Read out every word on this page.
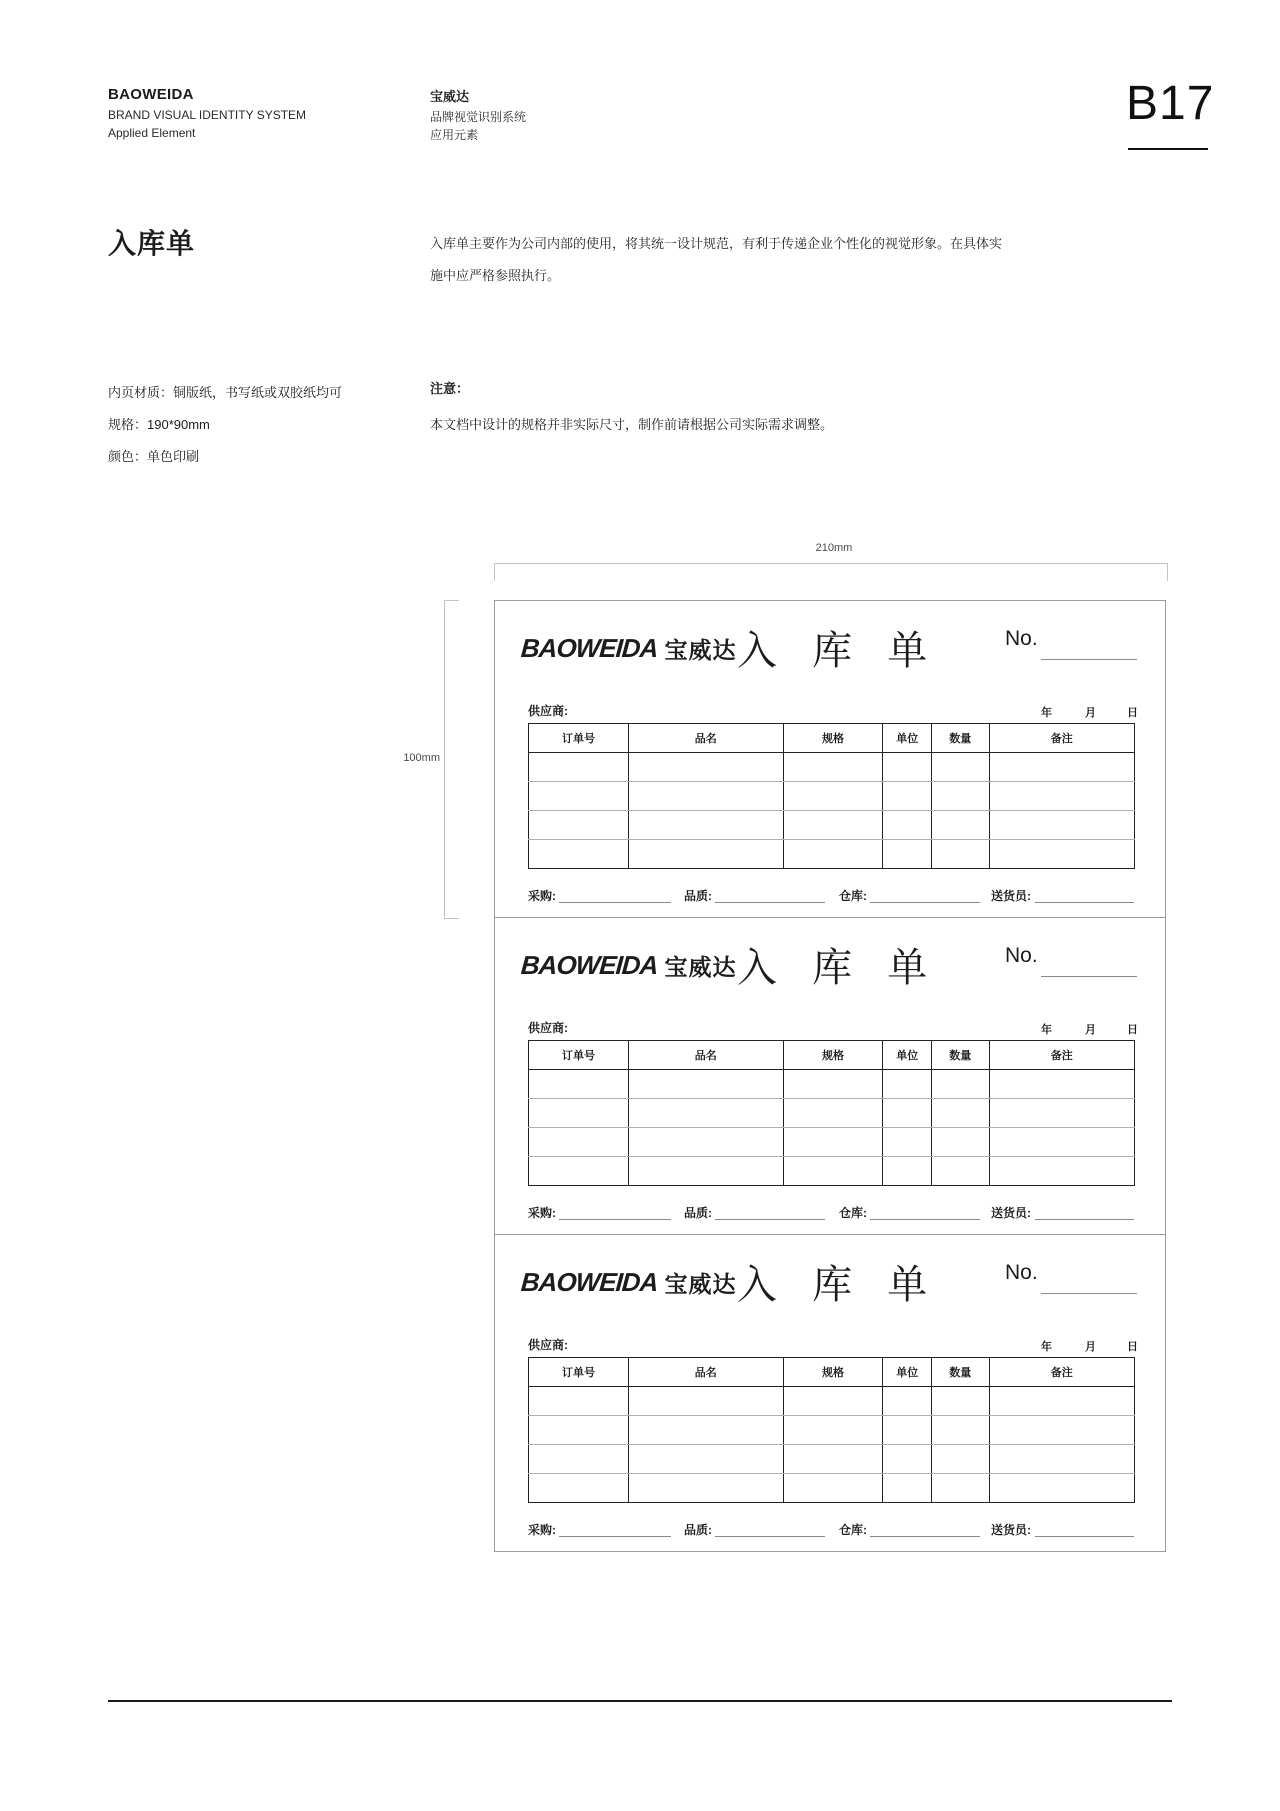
BAOWEIDA
BRAND VISUAL IDENTITY SYSTEM
Applied Element
宝威达
品牌视觉识别系统
应用元素
B17
入库单	入库单主要作为公司内部的使用，将其统一设计规范，有利于传递企业个性化的视觉形象。在具体实施中应严格参照执行。
内页材质：铜版纸，书写纸或双胶纸均可
规格：190*90mm
颜色：单色印刷
注意：
本文档中设计的规格并非实际尺寸，制作前请根据公司实际需求调整。
210mm
100mm
BAOWEIDA 宝威达 入 库 单	No.
供应商:	年	月	日
订单号	品名	规格	单位	数量	备注

采购:	品质:	仓库:	送货员:
BAOWEIDA 宝威达 入 库 单	No.
供应商:	年	月	日
订单号	品名	规格	单位	数量	备注

采购:	品质:	仓库:	送货员:
BAOWEIDA 宝威达 入 库 单	No.
供应商:	年	月	日
订单号	品名	规格	单位	数量	备注

采购:	品质:	仓库:	送货员:
